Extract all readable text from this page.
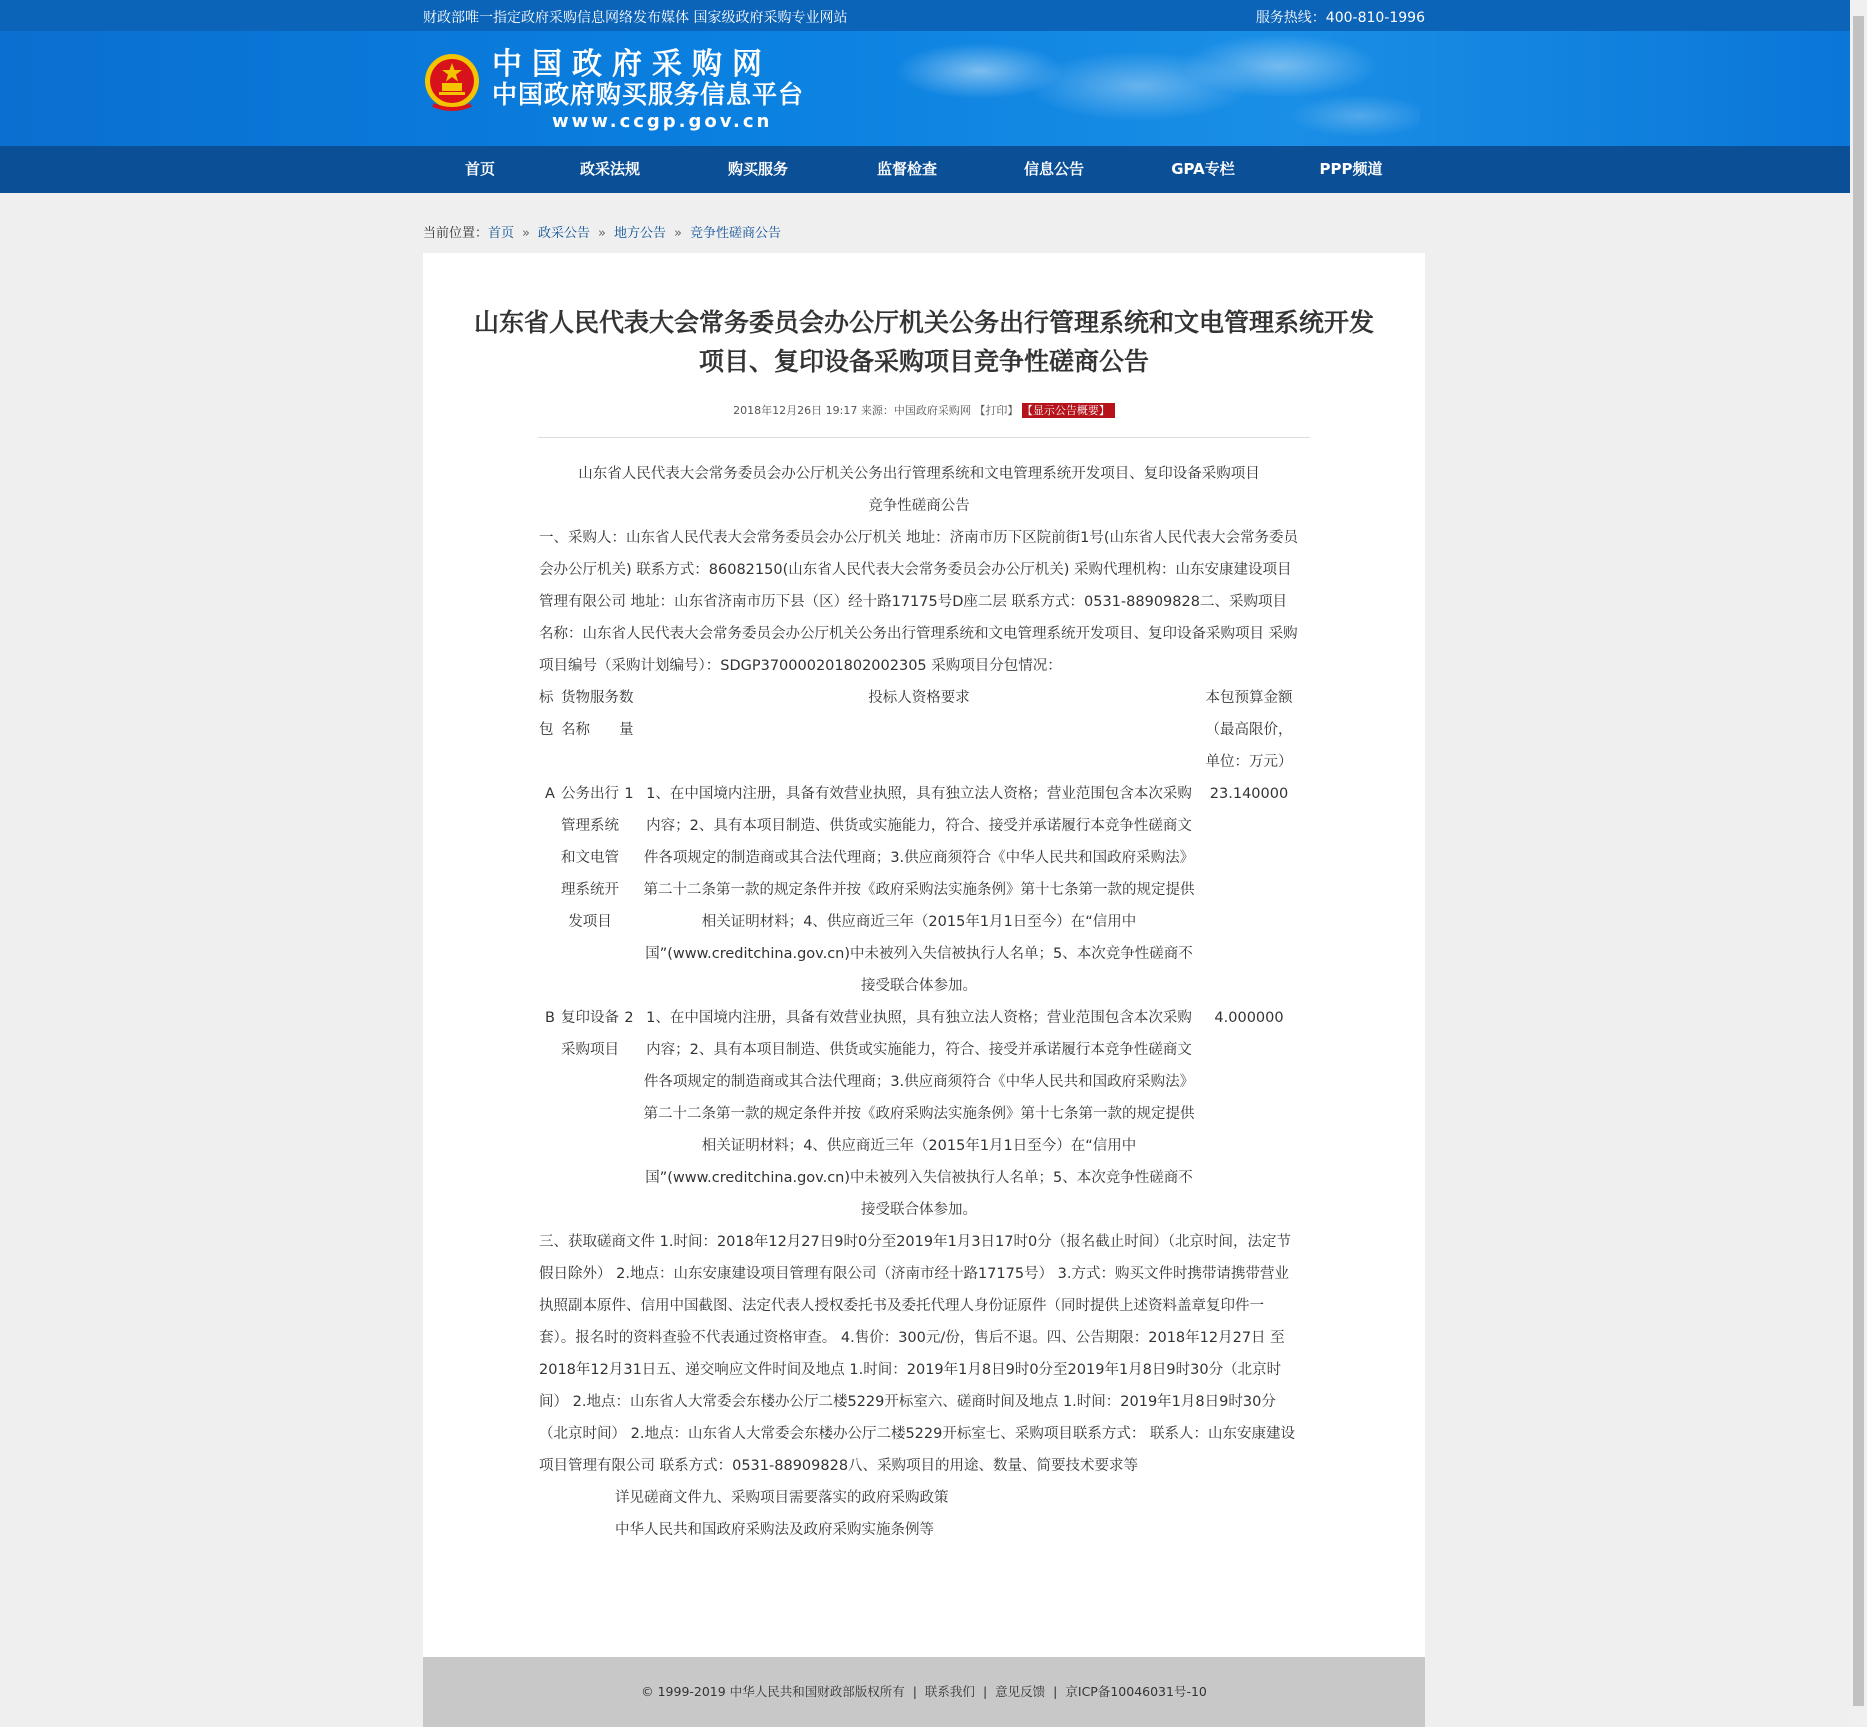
财政部唯一指定政府采购信息网络发布媒体 国家级政府采购专业网站	服务热线：400-810-1996
中国政府采购网
中国政府购买服务信息平台
www.ccgp.gov.cn
首页	政采法规	购买服务	监督检查	信息公告	GPA专栏	PPP频道
当前位置：首页 » 政采公告 » 地方公告 » 竞争性磋商公告
山东省人民代表大会常务委员会办公厅机关公务出行管理系统和文电管理系统开发
项目、复印设备采购项目竞争性磋商公告
2018年12月26日 19:17 来源：中国政府采购网 【打印】 【显示公告概要】

山东省人民代表大会常务委员会办公厅机关公务出行管理系统和文电管理系统开发项目、复印设备采购项目

竞争性磋商公告

一、采购人：山东省人民代表大会常务委员会办公厅机关 地址：济南市历下区院前街1号(山东省人民代表大会常务委员会办公厅机关) 联系方式：86082150(山东省人民代表大会常务委员会办公厅机关) 采购代理机构：山东安康建设项目管理有限公司 地址：山东省济南市历下县（区）经十路17175号D座二层 联系方式：0531-88909828二、采购项目名称：山东省人民代表大会常务委员会办公厅机关公务出行管理系统和文电管理系统开发项目、复印设备采购项目 采购项目编号（采购计划编号）：SDGP370000201802002305 采购项目分包情况：

标包	货物服务名称	数量	投标人资格要求	本包预算金额（最高限价，单位：万元）
A	公务出行管理系统和文电管理系统开发项目	1	1、在中国境内注册，具备有效营业执照，具有独立法人资格；营业范围包含本次采购内容；2、具有本项目制造、供货或实施能力，符合、接受并承诺履行本竞争性磋商文件各项规定的制造商或其合法代理商；3.供应商须符合《中华人民共和国政府采购法》第二十二条第一款的规定条件并按《政府采购法实施条例》第十七条第一款的规定提供相关证明材料；4、供应商近三年（2015年1月1日至今）在“信用中国”(www.creditchina.gov.cn)中未被列入失信被执行人名单；5、本次竞争性磋商不接受联合体参加。	23.140000
B	复印设备采购项目	2	1、在中国境内注册，具备有效营业执照，具有独立法人资格；营业范围包含本次采购内容；2、具有本项目制造、供货或实施能力，符合、接受并承诺履行本竞争性磋商文件各项规定的制造商或其合法代理商；3.供应商须符合《中华人民共和国政府采购法》第二十二条第一款的规定条件并按《政府采购法实施条例》第十七条第一款的规定提供相关证明材料；4、供应商近三年（2015年1月1日至今）在“信用中国”(www.creditchina.gov.cn)中未被列入失信被执行人名单；5、本次竞争性磋商不接受联合体参加。	4.000000

三、获取磋商文件 1.时间：2018年12月27日9时0分至2019年1月3日17时0分（报名截止时间）（北京时间，法定节假日除外） 2.地点：山东安康建设项目管理有限公司（济南市经十路17175号） 3.方式：购买文件时携带请携带营业执照副本原件、信用中国截图、法定代表人授权委托书及委托代理人身份证原件（同时提供上述资料盖章复印件一套）。报名时的资料查验不代表通过资格审查。 4.售价：300元/份，售后不退。四、公告期限：2018年12月27日 至 2018年12月31日五、递交响应文件时间及地点 1.时间：2019年1月8日9时0分至2019年1月8日9时30分（北京时间） 2.地点：山东省人大常委会东楼办公厅二楼5229开标室六、磋商时间及地点 1.时间：2019年1月8日9时30分（北京时间） 2.地点：山东省人大常委会东楼办公厅二楼5229开标室七、采购项目联系方式： 联系人：山东安康建设项目管理有限公司 联系方式：0531-88909828八、采购项目的用途、数量、简要技术要求等

详见磋商文件九、采购项目需要落实的政府采购政策

中华人民共和国政府采购法及政府采购实施条例等

© 1999-2019 中华人民共和国财政部版权所有 | 联系我们 | 意见反馈 | 京ICP备10046031号-10
